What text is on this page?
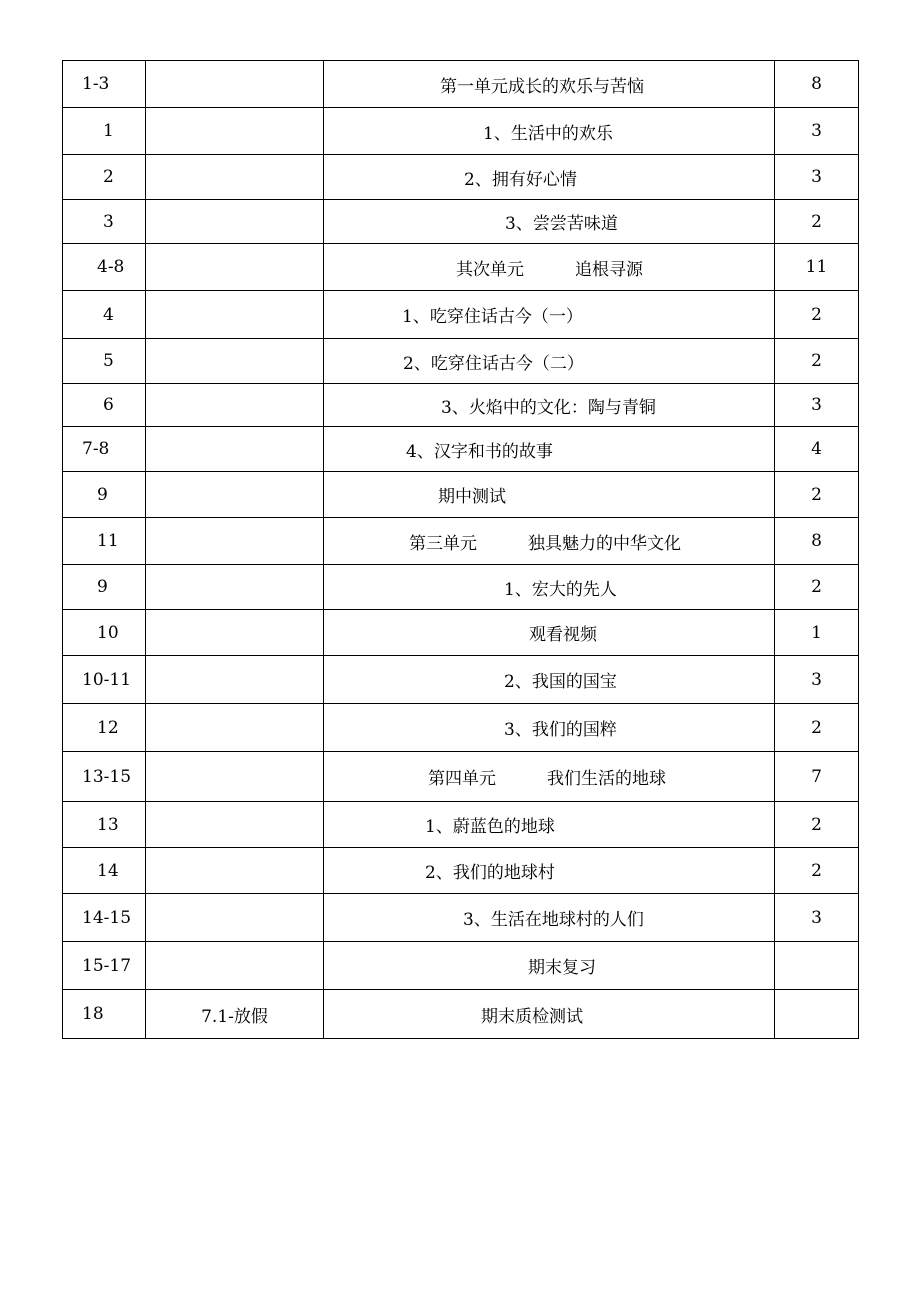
1-3		第一单元成长的欢乐与苦恼	8
1		1、生活中的欢乐	3
2		2、拥有好心情	3
3		3、尝尝苦味道	2
4-8		其次单元　　　追根寻源	11
4		1、吃穿住话古今（一）	2
5		2、吃穿住话古今（二）	2
6		3、火焰中的文化：陶与青铜	3
7-8		4、汉字和书的故事	4
9		期中测试	2
11		第三单元　　　独具魅力的中华文化	8
9		1、宏大的先人	2
10		观看视频	1
10-11		2、我国的国宝	3
12		3、我们的国粹	2
13-15		第四单元　　　我们生活的地球	7
13		1、蔚蓝色的地球	2
14		2、我们的地球村	2
14-15		3、生活在地球村的人们	3
15-17		期末复习	
18	7.1-放假	期末质检测试	
